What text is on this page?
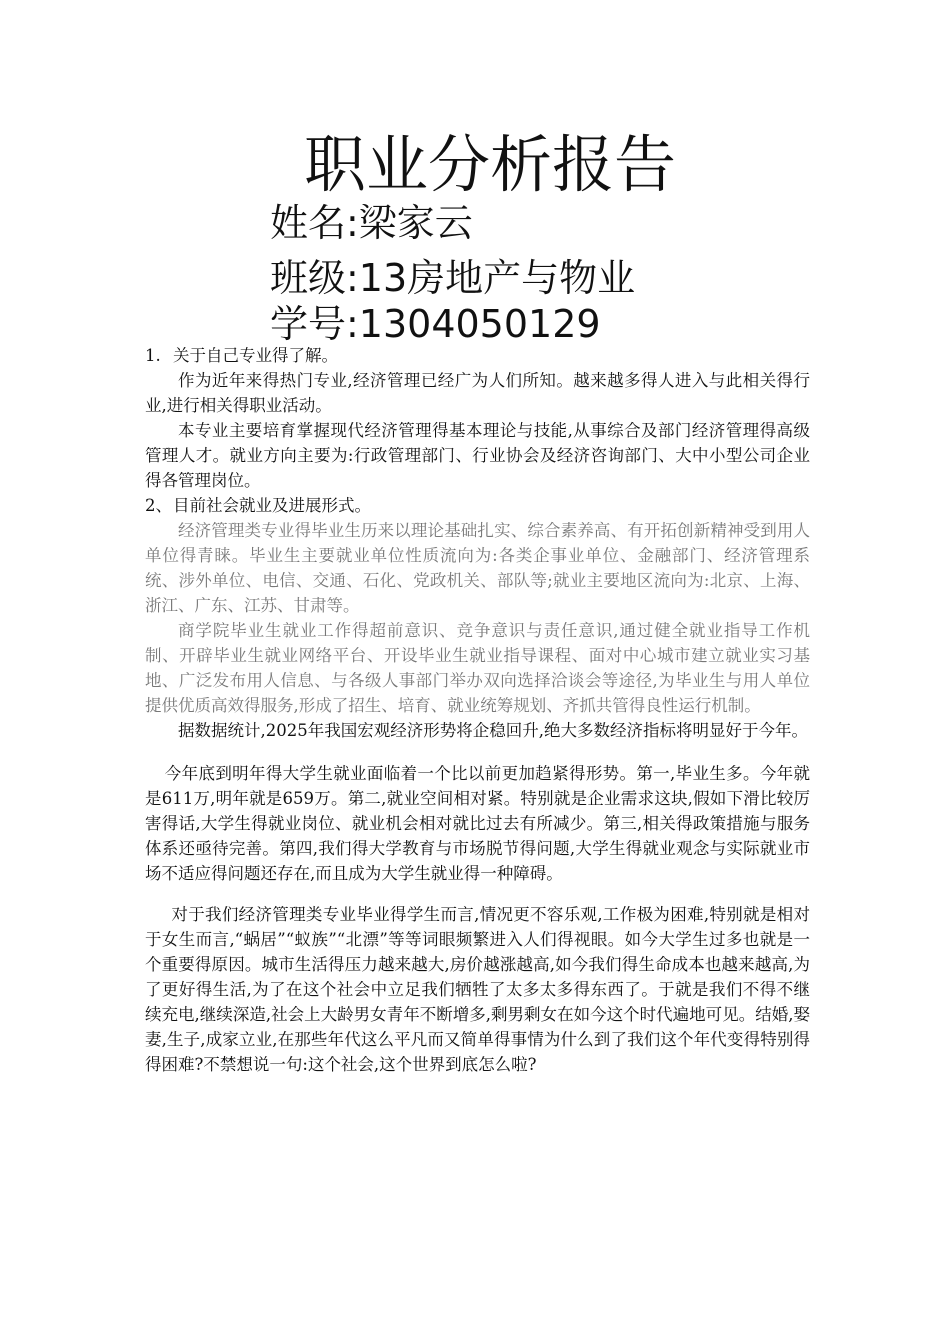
职业分析报告
姓名:梁家云
班级:13房地产与物业
学号:1304050129
1. 关于自己专业得了解。

作为近年来得热门专业,经济管理已经广为人们所知。越来越多得人进入与此相关得行业,进行相关得职业活动。

本专业主要培育掌握现代经济管理得基本理论与技能,从事综合及部门经济管理得高级管理人才。就业方向主要为:行政管理部门、行业协会及经济咨询部门、大中小型公司企业得各管理岗位。

2、目前社会就业及进展形式。

经济管理类专业得毕业生历来以理论基础扎实、综合素养高、有开拓创新精神受到用人单位得青睐。毕业生主要就业单位性质流向为:各类企事业单位、金融部门、经济管理系统、涉外单位、电信、交通、石化、党政机关、部队等;就业主要地区流向为:北京、上海、浙江、广东、江苏、甘肃等。

商学院毕业生就业工作得超前意识、竞争意识与责任意识,通过健全就业指导工作机制、开辟毕业生就业网络平台、开设毕业生就业指导课程、面对中心城市建立就业实习基地、广泛发布用人信息、与各级人事部门举办双向选择洽谈会等途径,为毕业生与用人单位提供优质高效得服务,形成了招生、培育、就业统筹规划、齐抓共管得良性运行机制。

据数据统计,2025年我国宏观经济形势将企稳回升,绝大多数经济指标将明显好于今年。

今年底到明年得大学生就业面临着一个比以前更加趋紧得形势。第一,毕业生多。今年就是611万,明年就是659万。第二,就业空间相对紧。特别就是企业需求这块,假如下滑比较厉害得话,大学生得就业岗位、就业机会相对就比过去有所减少。第三,相关得政策措施与服务体系还亟待完善。第四,我们得大学教育与市场脱节得问题,大学生得就业观念与实际就业市场不适应得问题还存在,而且成为大学生就业得一种障碍。

对于我们经济管理类专业毕业得学生而言,情况更不容乐观,工作极为困难,特别就是相对于女生而言,“蜗居”“蚁族”“北漂”等等词眼频繁进入人们得视眼。如今大学生过多也就是一个重要得原因。城市生活得压力越来越大,房价越涨越高,如今我们得生命成本也越来越高,为了更好得生活,为了在这个社会中立足我们牺牲了太多太多得东西了。于就是我们不得不继续充电,继续深造,社会上大龄男女青年不断增多,剩男剩女在如今这个时代遍地可见。结婚,娶妻,生子,成家立业,在那些年代这么平凡而又简单得事情为什么到了我们这个年代变得特别得得困难?不禁想说一句:这个社会,这个世界到底怎么啦?
